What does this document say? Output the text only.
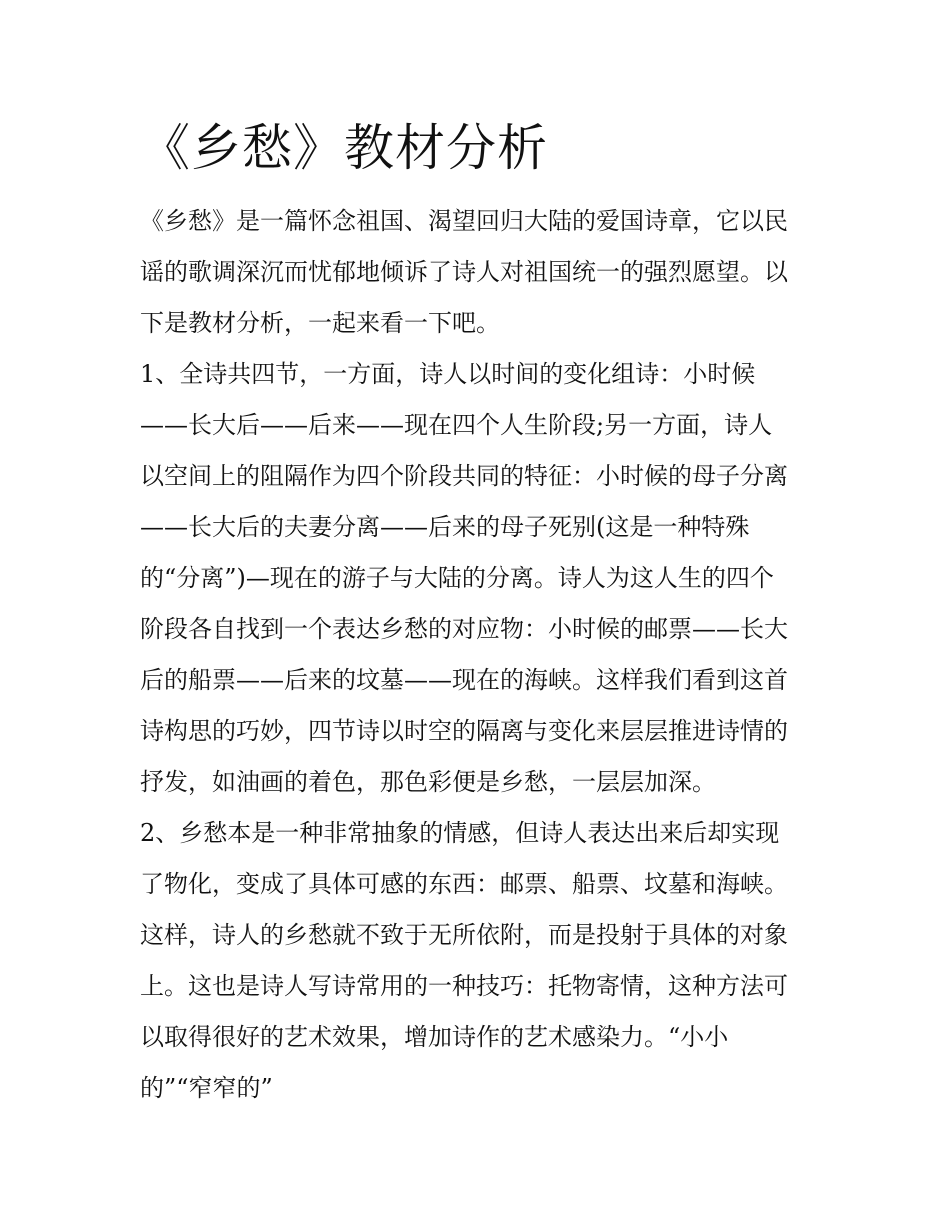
《乡愁》教材分析
《乡愁》是一篇怀念祖国、渴望回归大陆的爱国诗章，它以民
谣的歌调深沉而忧郁地倾诉了诗人对祖国统一的强烈愿望。以
下是教材分析，一起来看一下吧。
1、全诗共四节，一方面，诗人以时间的变化组诗：小时候
——长大后——后来——现在四个人生阶段;另一方面，诗人
以空间上的阻隔作为四个阶段共同的特征：小时候的母子分离
——长大后的夫妻分离——后来的母子死别(这是一种特殊
的“分离”)—现在的游子与大陆的分离。诗人为这人生的四个
阶段各自找到一个表达乡愁的对应物：小时候的邮票——长大
后的船票——后来的坟墓——现在的海峡。这样我们看到这首
诗构思的巧妙，四节诗以时空的隔离与变化来层层推进诗情的
抒发，如油画的着色，那色彩便是乡愁，一层层加深。
2、乡愁本是一种非常抽象的情感，但诗人表达出来后却实现
了物化，变成了具体可感的东西：邮票、船票、坟墓和海峡。
这样，诗人的乡愁就不致于无所依附，而是投射于具体的对象
上。这也是诗人写诗常用的一种技巧：托物寄情，这种方法可
以取得很好的艺术效果，增加诗作的艺术感染力。“小小
的”“窄窄的”
